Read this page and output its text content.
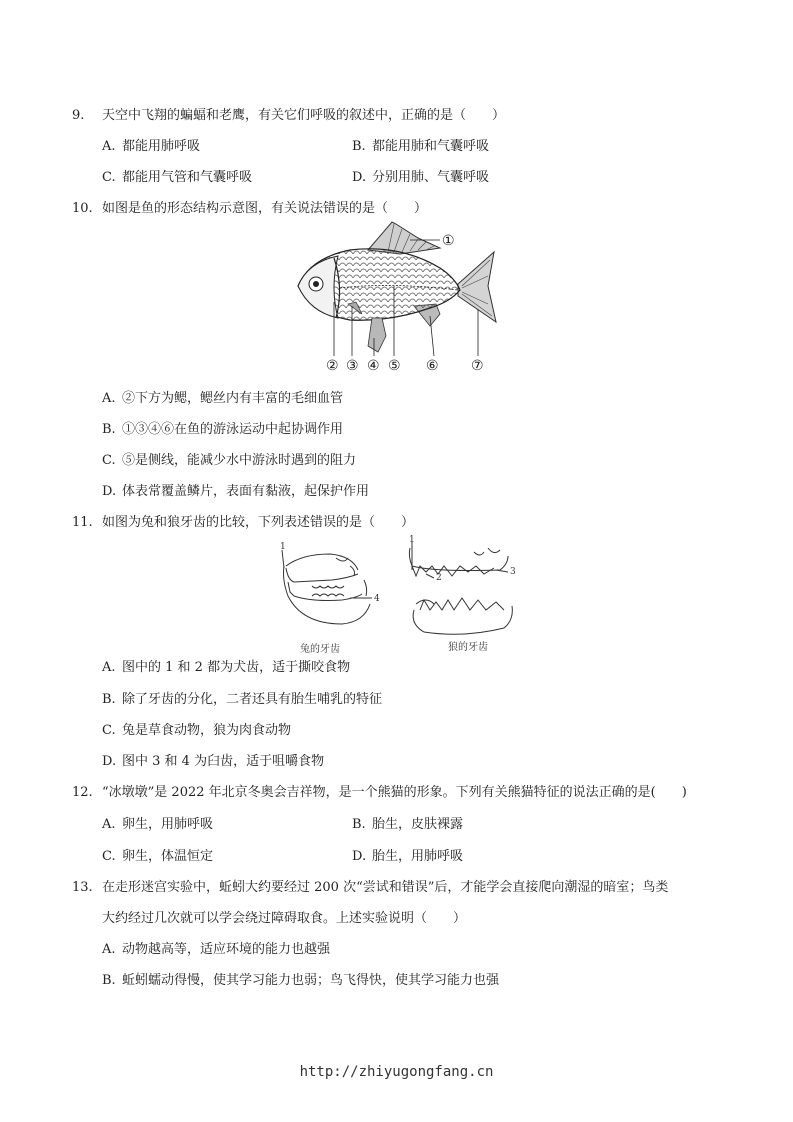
9. 天空中飞翔的蝙蝠和老鹰，有关它们呼吸的叙述中，正确的是（　　）
A. 都能用肺呼吸	B. 都能用肺和气囊呼吸
C. 都能用气管和气囊呼吸	D. 分别用肺、气囊呼吸
10. 如图是鱼的形态结构示意图，有关说法错误的是（　　）
①
② ③ ④ ⑤ ⑥ ⑦
A. ②下方为鳃，鳃丝内有丰富的毛细血管
B. ①③④⑥在鱼的游泳运动中起协调作用
C. ⑤是侧线，能减少水中游泳时遇到的阻力
D. 体表常覆盖鳞片，表面有黏液，起保护作用
11. 如图为兔和狼牙齿的比较，下列表述错误的是（　　）
1
4
兔的牙齿
1
2
3
狼的牙齿
A. 图中的 1 和 2 都为犬齿，适于撕咬食物
B. 除了牙齿的分化，二者还具有胎生哺乳的特征
C. 兔是草食动物，狼为肉食动物
D. 图中 3 和 4 为臼齿，适于咀嚼食物
12. “冰墩墩”是 2022 年北京冬奥会吉祥物，是一个熊猫的形象。下列有关熊猫特征的说法正确的是(　　)
A. 卵生，用肺呼吸	B. 胎生，皮肤裸露
C. 卵生，体温恒定	D. 胎生，用肺呼吸
13. 在走形迷宫实验中，蚯蚓大约要经过 200 次“尝试和错误”后，才能学会直接爬向潮湿的暗室；鸟类
大约经过几次就可以学会绕过障碍取食。上述实验说明（　　）
A. 动物越高等，适应环境的能力也越强
B. 蚯蚓蠕动得慢，使其学习能力也弱；鸟飞得快，使其学习能力也强
http://zhiyugongfang.cn
